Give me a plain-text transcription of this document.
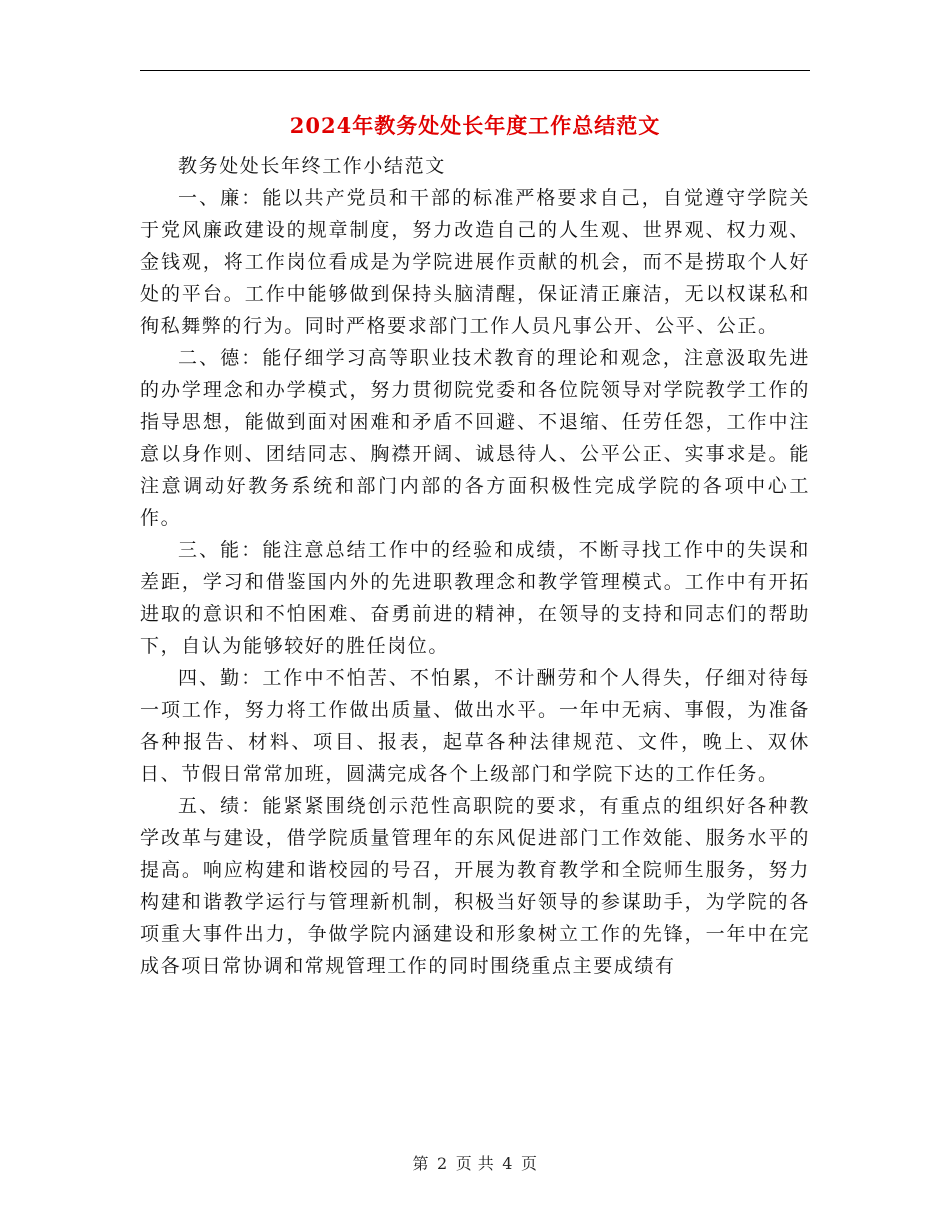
2024年教务处处长年度工作总结范文

教务处处长年终工作小结范文

一、廉：能以共产党员和干部的标准严格要求自己，自觉遵守学院关于党风廉政建设的规章制度，努力改造自己的人生观、世界观、权力观、金钱观，将工作岗位看成是为学院进展作贡献的机会，而不是捞取个人好处的平台。工作中能够做到保持头脑清醒，保证清正廉洁，无以权谋私和徇私舞弊的行为。同时严格要求部门工作人员凡事公开、公平、公正。

二、德：能仔细学习高等职业技术教育的理论和观念，注意汲取先进的办学理念和办学模式，努力贯彻院党委和各位院领导对学院教学工作的指导思想，能做到面对困难和矛盾不回避、不退缩、任劳任怨，工作中注意以身作则、团结同志、胸襟开阔、诚恳待人、公平公正、实事求是。能注意调动好教务系统和部门内部的各方面积极性完成学院的各项中心工作。

三、能：能注意总结工作中的经验和成绩，不断寻找工作中的失误和差距，学习和借鉴国内外的先进职教理念和教学管理模式。工作中有开拓进取的意识和不怕困难、奋勇前进的精神，在领导的支持和同志们的帮助下，自认为能够较好的胜任岗位。

四、勤：工作中不怕苦、不怕累，不计酬劳和个人得失，仔细对待每一项工作，努力将工作做出质量、做出水平。一年中无病、事假，为准备各种报告、材料、项目、报表，起草各种法律规范、文件，晚上、双休日、节假日常常加班，圆满完成各个上级部门和学院下达的工作任务。

五、绩：能紧紧围绕创示范性高职院的要求，有重点的组织好各种教学改革与建设，借学院质量管理年的东风促进部门工作效能、服务水平的提高。响应构建和谐校园的号召，开展为教育教学和全院师生服务，努力构建和谐教学运行与管理新机制，积极当好领导的参谋助手，为学院的各项重大事件出力，争做学院内涵建设和形象树立工作的先锋，一年中在完成各项日常协调和常规管理工作的同时围绕重点主要成绩有

第 2 页 共 4 页
